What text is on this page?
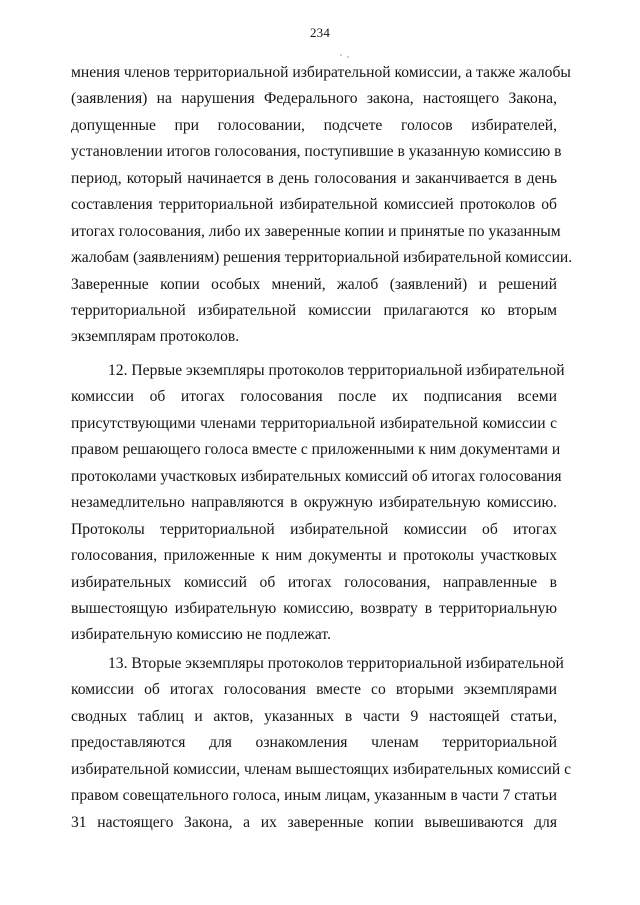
234
мнения членов территориальной избирательной комиссии, а также жалобы
(заявления) на нарушения Федерального закона, настоящего Закона,
допущенные при голосовании, подсчете голосов избирателей,
установлении итогов голосования, поступившие в указанную комиссию в
период, который начинается в день голосования и заканчивается в день
составления территориальной избирательной комиссией протоколов об
итогах голосования, либо их заверенные копии и принятые по указанным
жалобам (заявлениям) решения территориальной избирательной комиссии.
Заверенные копии особых мнений, жалоб (заявлений) и решений
территориальной избирательной комиссии прилагаются ко вторым
экземплярам протоколов.
12. Первые экземпляры протоколов территориальной избирательной
комиссии об итогах голосования после их подписания всеми
присутствующими членами территориальной избирательной комиссии с
правом решающего голоса вместе с приложенными к ним документами и
протоколами участковых избирательных комиссий об итогах голосования
незамедлительно направляются в окружную избирательную комиссию.
Протоколы территориальной избирательной комиссии об итогах
голосования, приложенные к ним документы и протоколы участковых
избирательных комиссий об итогах голосования, направленные в
вышестоящую избирательную комиссию, возврату в территориальную
избирательную комиссию не подлежат.
13. Вторые экземпляры протоколов территориальной избирательной
комиссии об итогах голосования вместе со вторыми экземплярами
сводных таблиц и актов, указанных в части 9 настоящей статьи,
предоставляются для ознакомления членам территориальной
избирательной комиссии, членам вышестоящих избирательных комиссий с
правом совещательного голоса, иным лицам, указанным в части 7 статьи
31 настоящего Закона, а их заверенные копии вывешиваются для
